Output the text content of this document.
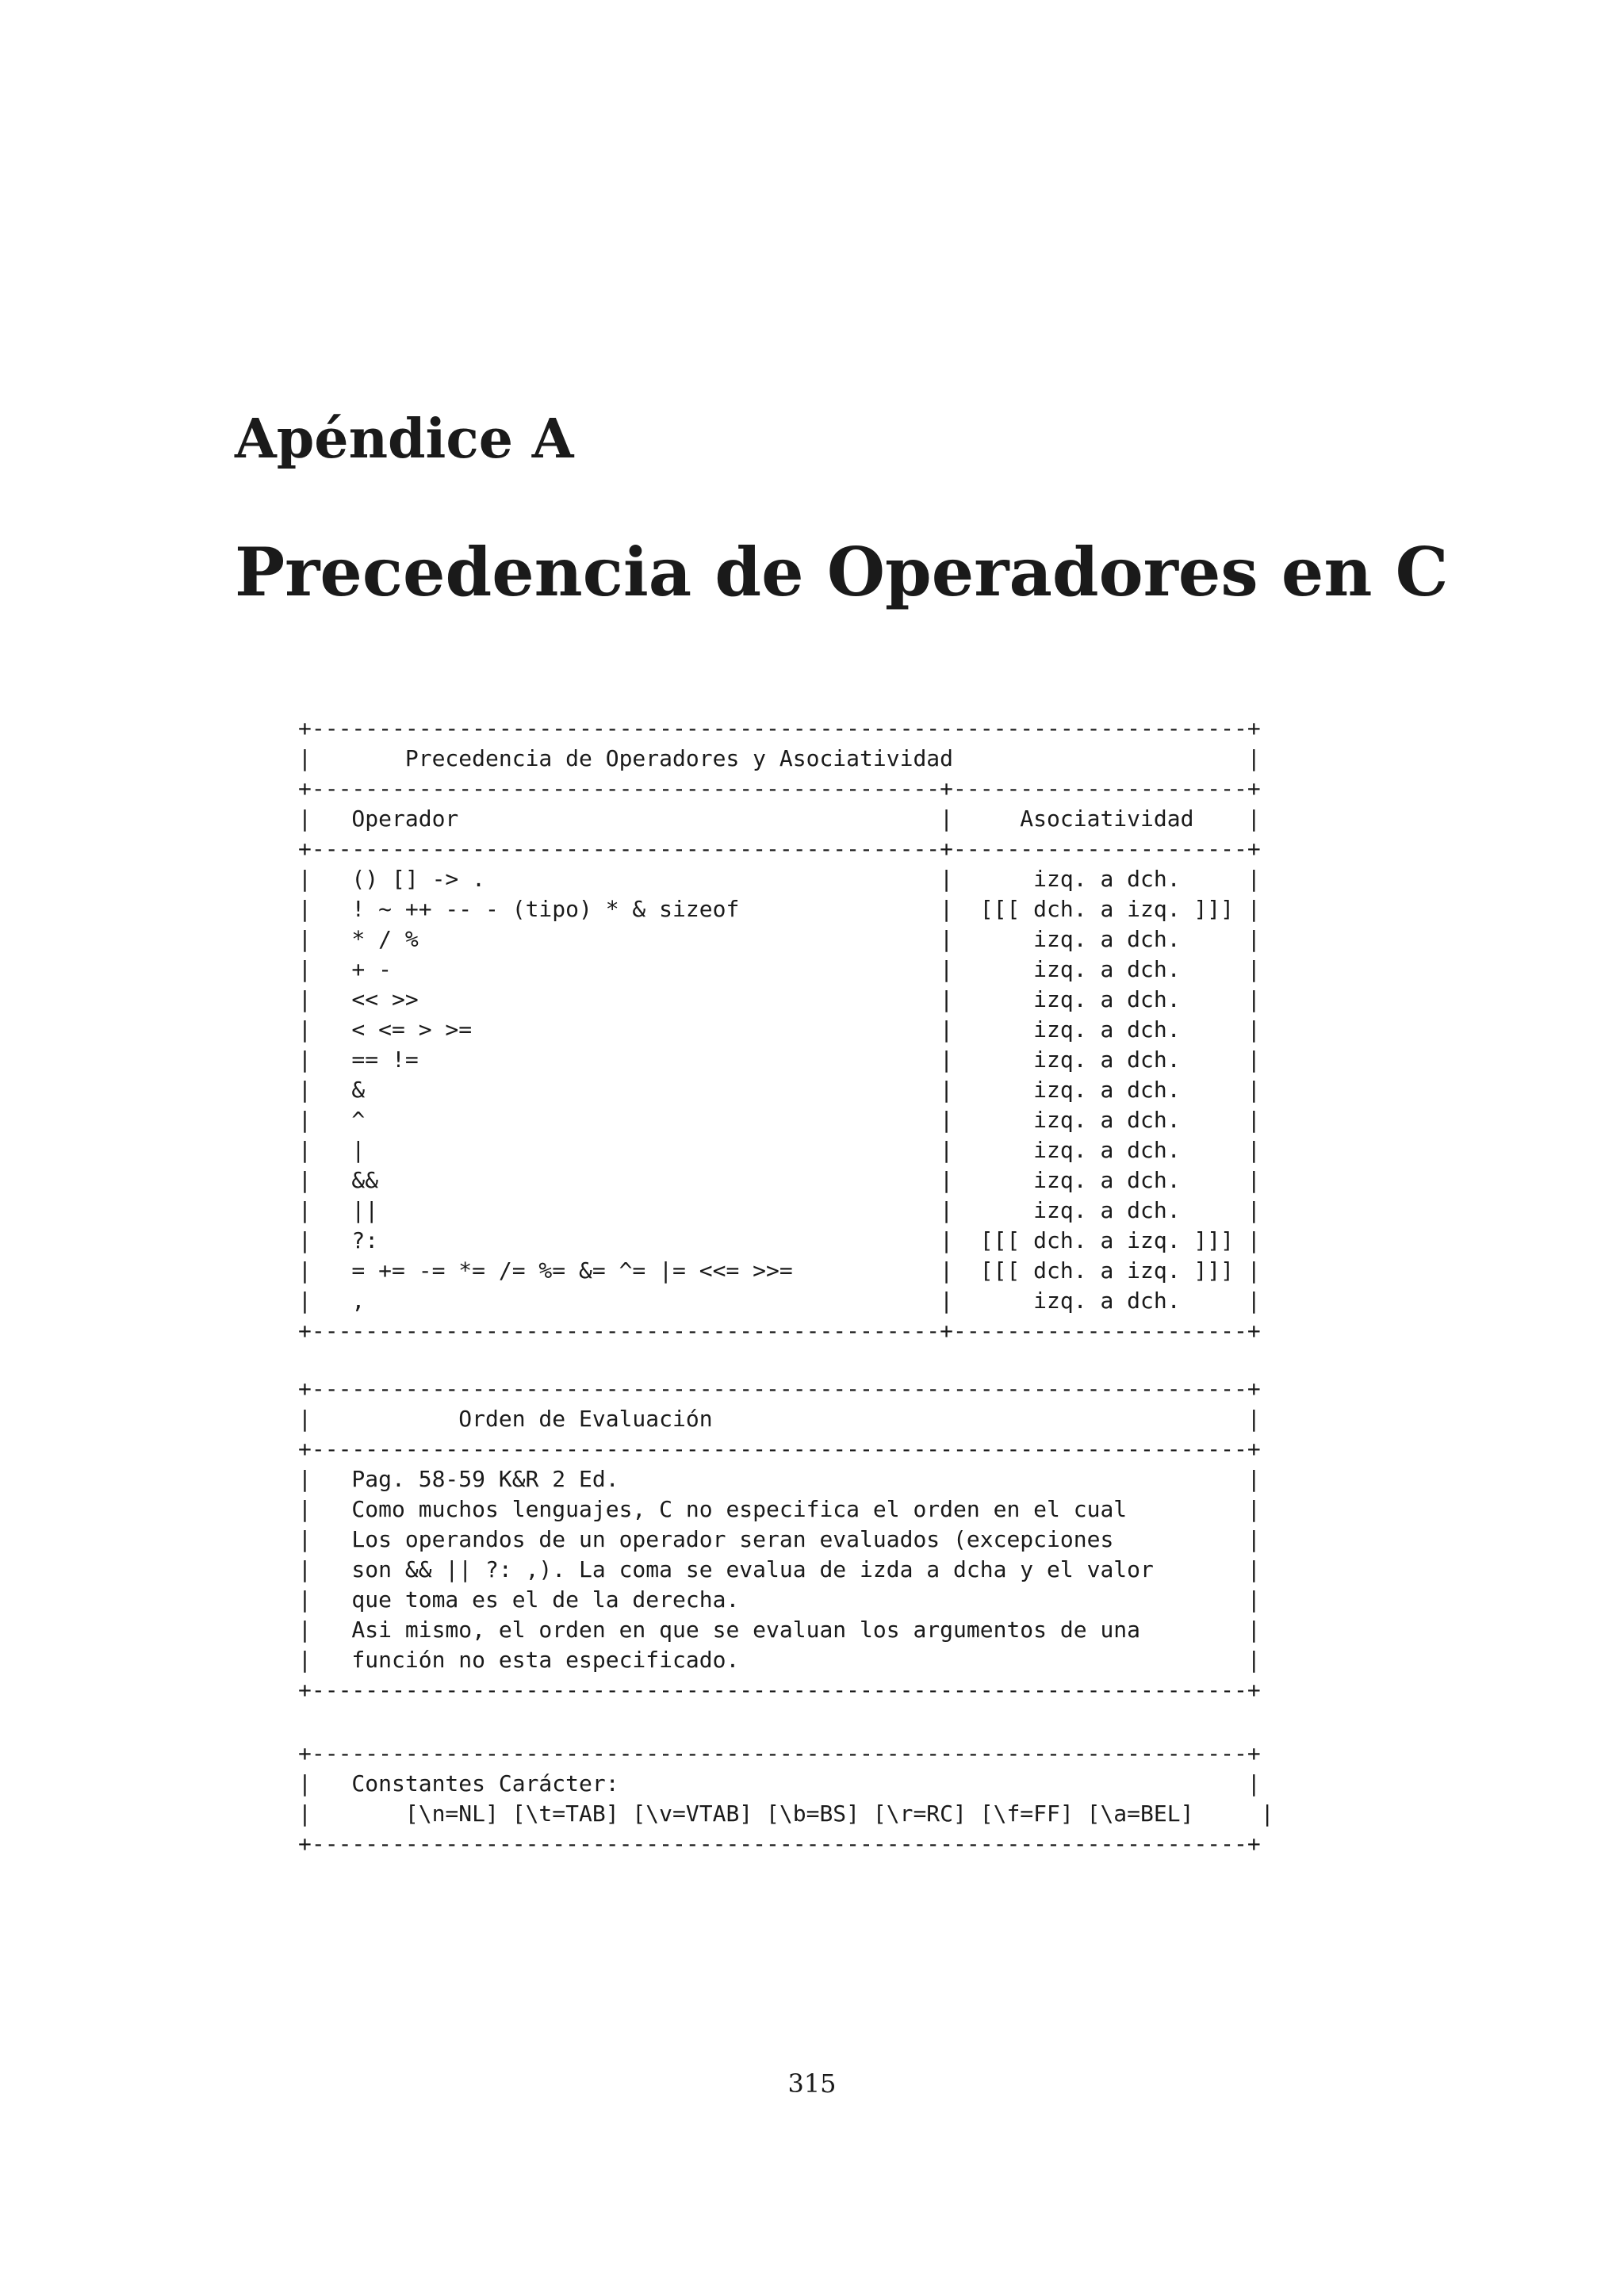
Apéndice A
Precedencia de Operadores en C
+----------------------------------------------------------------------+
|       Precedencia de Operadores y Asociatividad                      |
+-----------------------------------------------+----------------------+
|   Operador                                    |     Asociatividad    |
+-----------------------------------------------+----------------------+
|   () [] -> .                                  |      izq. a dch.     |
|   ! ~ ++ -- - (tipo) * & sizeof               |  [[[ dch. a izq. ]]] |
|   * / %                                       |      izq. a dch.     |
|   + -                                         |      izq. a dch.     |
|   << >>                                       |      izq. a dch.     |
|   < <= > >=                                   |      izq. a dch.     |
|   == !=                                       |      izq. a dch.     |
|   &                                           |      izq. a dch.     |
|   ^                                           |      izq. a dch.     |
|   |                                           |      izq. a dch.     |
|   &&                                          |      izq. a dch.     |
|   ||                                          |      izq. a dch.     |
|   ?:                                          |  [[[ dch. a izq. ]]] |
|   = += -= *= /= %= &= ^= |= <<= >>=           |  [[[ dch. a izq. ]]] |
|   ,                                           |      izq. a dch.     |
+-----------------------------------------------+----------------------+
+----------------------------------------------------------------------+
|           Orden de Evaluación                                        |
+----------------------------------------------------------------------+
|   Pag. 58-59 K&R 2 Ed.                                               |
|   Como muchos lenguajes, C no especifica el orden en el cual         |
|   Los operandos de un operador seran evaluados (excepciones          |
|   son && || ?: ,). La coma se evalua de izda a dcha y el valor       |
|   que toma es el de la derecha.                                      |
|   Asi mismo, el orden en que se evaluan los argumentos de una        |
|   función no esta especificado.                                      |
+----------------------------------------------------------------------+
+----------------------------------------------------------------------+
|   Constantes Carácter:                                               |
|       [\n=NL] [\t=TAB] [\v=VTAB] [\b=BS] [\r=RC] [\f=FF] [\a=BEL]     |
+----------------------------------------------------------------------+
315
